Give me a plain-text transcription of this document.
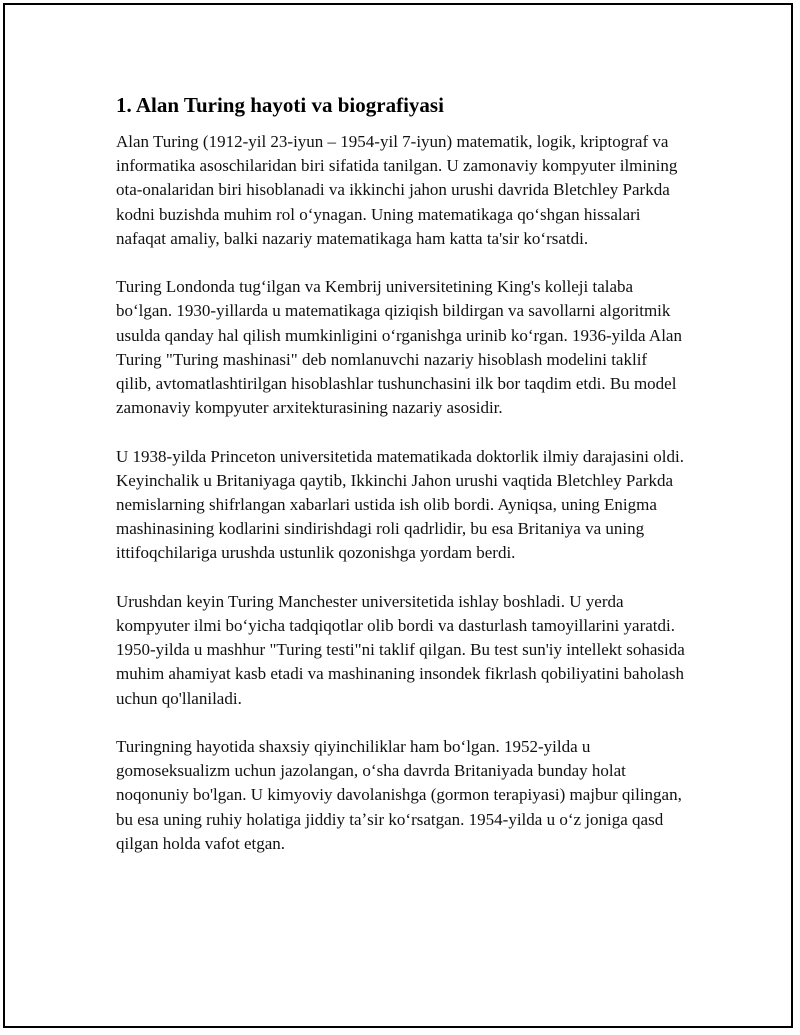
1. Alan Turing hayoti va biografiyasi

Alan Turing (1912-yil 23-iyun – 1954-yil 7-iyun) matematik, logik, kriptograf va informatika asoschilaridan biri sifatida tanilgan. U zamonaviy kompyuter ilmining ota-onalaridan biri hisoblanadi va ikkinchi jahon urushi davrida Bletchley Parkda kodni buzishda muhim rol oʻynagan. Uning matematikaga qoʻshgan hissalari nafaqat amaliy, balki nazariy matematikaga ham katta ta'sir koʻrsatdi.

Turing Londonda tugʻilgan va Kembrij universitetining King's kolleji talaba boʻlgan. 1930-yillarda u matematikaga qiziqish bildirgan va savollarni algoritmik usulda qanday hal qilish mumkinligini oʻrganishga urinib koʻrgan. 1936-yilda Alan Turing "Turing mashinasi" deb nomlanuvchi nazariy hisoblash modelini taklif qilib, avtomatlashtirilgan hisoblashlar tushunchasini ilk bor taqdim etdi. Bu model zamonaviy kompyuter arxitekturasining nazariy asosidir.

U 1938-yilda Princeton universitetida matematikada doktorlik ilmiy darajasini oldi. Keyinchalik u Britaniyaga qaytib, Ikkinchi Jahon urushi vaqtida Bletchley Parkda nemislarning shifrlangan xabarlari ustida ish olib bordi. Ayniqsa, uning Enigma mashinasining kodlarini sindirishdagi roli qadrlidir, bu esa Britaniya va uning ittifoqchilariga urushda ustunlik qozonishga yordam berdi.

Urushdan keyin Turing Manchester universitetida ishlay boshladi. U yerda kompyuter ilmi boʻyicha tadqiqotlar olib bordi va dasturlash tamoyillarini yaratdi. 1950-yilda u mashhur "Turing testi"ni taklif qilgan. Bu test sun'iy intellekt sohasida muhim ahamiyat kasb etadi va mashinaning insondek fikrlash qobiliyatini baholash uchun qo'llaniladi.

Turingning hayotida shaxsiy qiyinchiliklar ham boʻlgan. 1952-yilda u gomoseksualizm uchun jazolangan, oʻsha davrda Britaniyada bunday holat noqonuniy bo'lgan. U kimyoviy davolanishga (gormon terapiyasi) majbur qilingan, bu esa uning ruhiy holatiga jiddiy taʼsir koʻrsatgan. 1954-yilda u oʻz joniga qasd qilgan holda vafot etgan.
